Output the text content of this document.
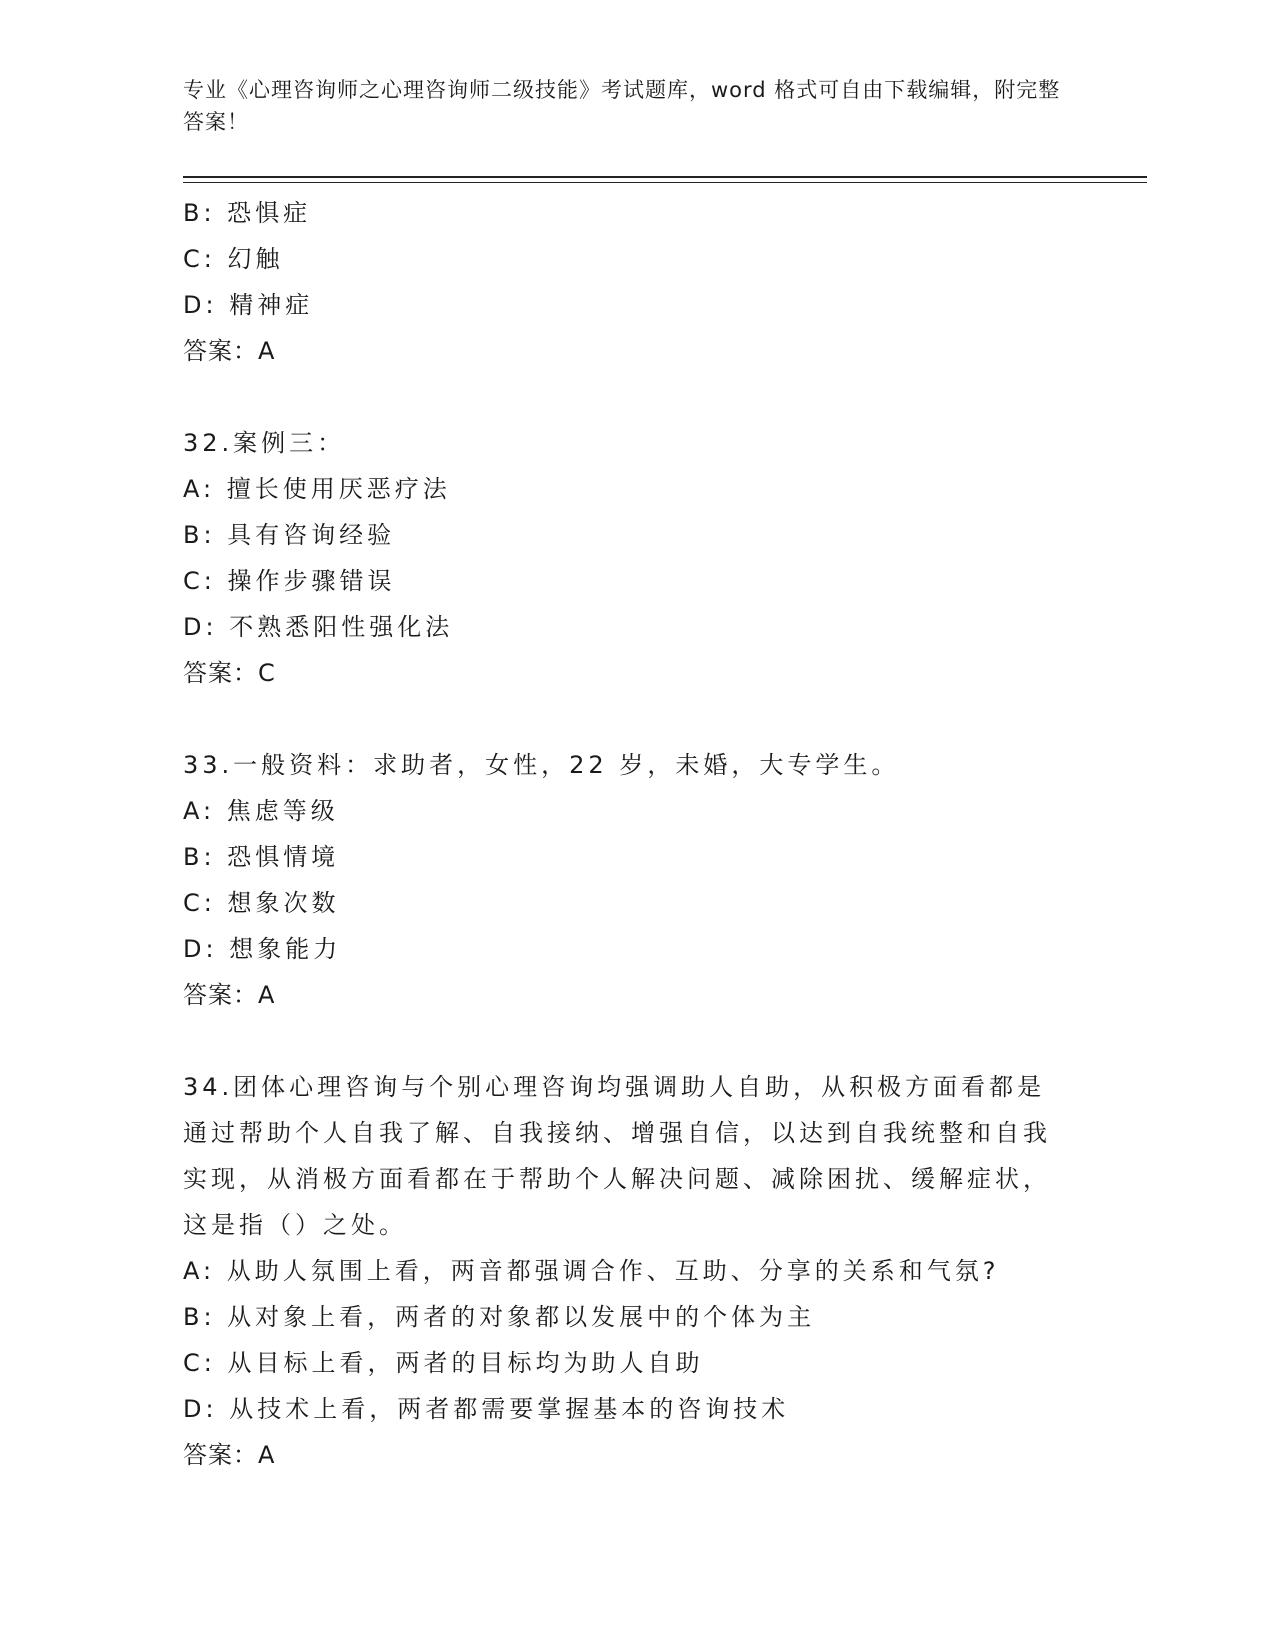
专业《心理咨询师之心理咨询师二级技能》考试题库，word 格式可自由下载编辑，附完整答案！
B: 恐惧症
C: 幻触
D: 精神症
答案：A
32.案例三：
A: 擅长使用厌恶疗法
B: 具有咨询经验
C: 操作步骤错误
D: 不熟悉阳性强化法
答案：C
33.一般资料：求助者，女性，22 岁，未婚，大专学生。
A: 焦虑等级
B: 恐惧情境
C: 想象次数
D: 想象能力
答案：A
34.团体心理咨询与个别心理咨询均强调助人自助，从积极方面看都是通过帮助个人自我了解、自我接纳、增强自信，以达到自我统整和自我实现，从消极方面看都在于帮助个人解决问题、减除困扰、缓解症状，这是指（）之处。
A: 从助人氛围上看，两音都强调合作、互助、分享的关系和气氛?
B: 从对象上看，两者的对象都以发展中的个体为主
C: 从目标上看，两者的目标均为助人自助
D: 从技术上看，两者都需要掌握基本的咨询技术
答案：A
